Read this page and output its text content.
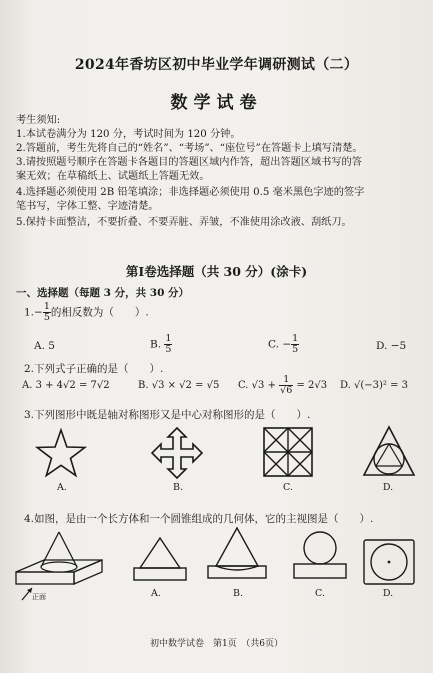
2024年香坊区初中毕业学年调研测试（二）
数学试卷
考生须知:
1.本试卷满分为 120 分，考试时间为 120 分钟。
2.答题前，考生先将自己的“姓名”、“考场”、“座位号”在答题卡上填写清楚。
3.请按照题号顺序在答题卡各题目的答题区域内作答，超出答题区域书写的答
案无效；在草稿纸上、试题纸上答题无效。
4.选择题必须使用 2B 铅笔填涂；非选择题必须使用 0.5 毫米黑色字迹的签字
笔书写，字体工整、字迹清楚。
5.保持卡面整洁，不要折叠、不要弄脏、弄皱，不准使用涂改液、刮纸刀。
第Ⅰ卷选择题（共 30 分）(涂卡)
一、选择题（每题 3 分，共 30 分）
$1.- \frac{1}{5}$ 的相反数为（　　）.
A. 5	B. $\frac{1}{5}$	C. − $\frac{1}{5}$	D. −5
2.下列式子正确的是（　　）.
A. 3 + 4√2 = 7√2	B. √3 × √2 = √5 C. $√3 + \frac{1}{√6} = 2√3$ D. √(−3)² = 3
3.下列图形中既是轴对称图形又是中心对称图形的是（　　）.
A.	B.	C.	D.
4.如图，是由一个长方体和一个圆锥组成的几何体，它的主视图是（　　）.
正面	A.	B.	C.	D.
初中数学试卷　第1页　（共6页）
